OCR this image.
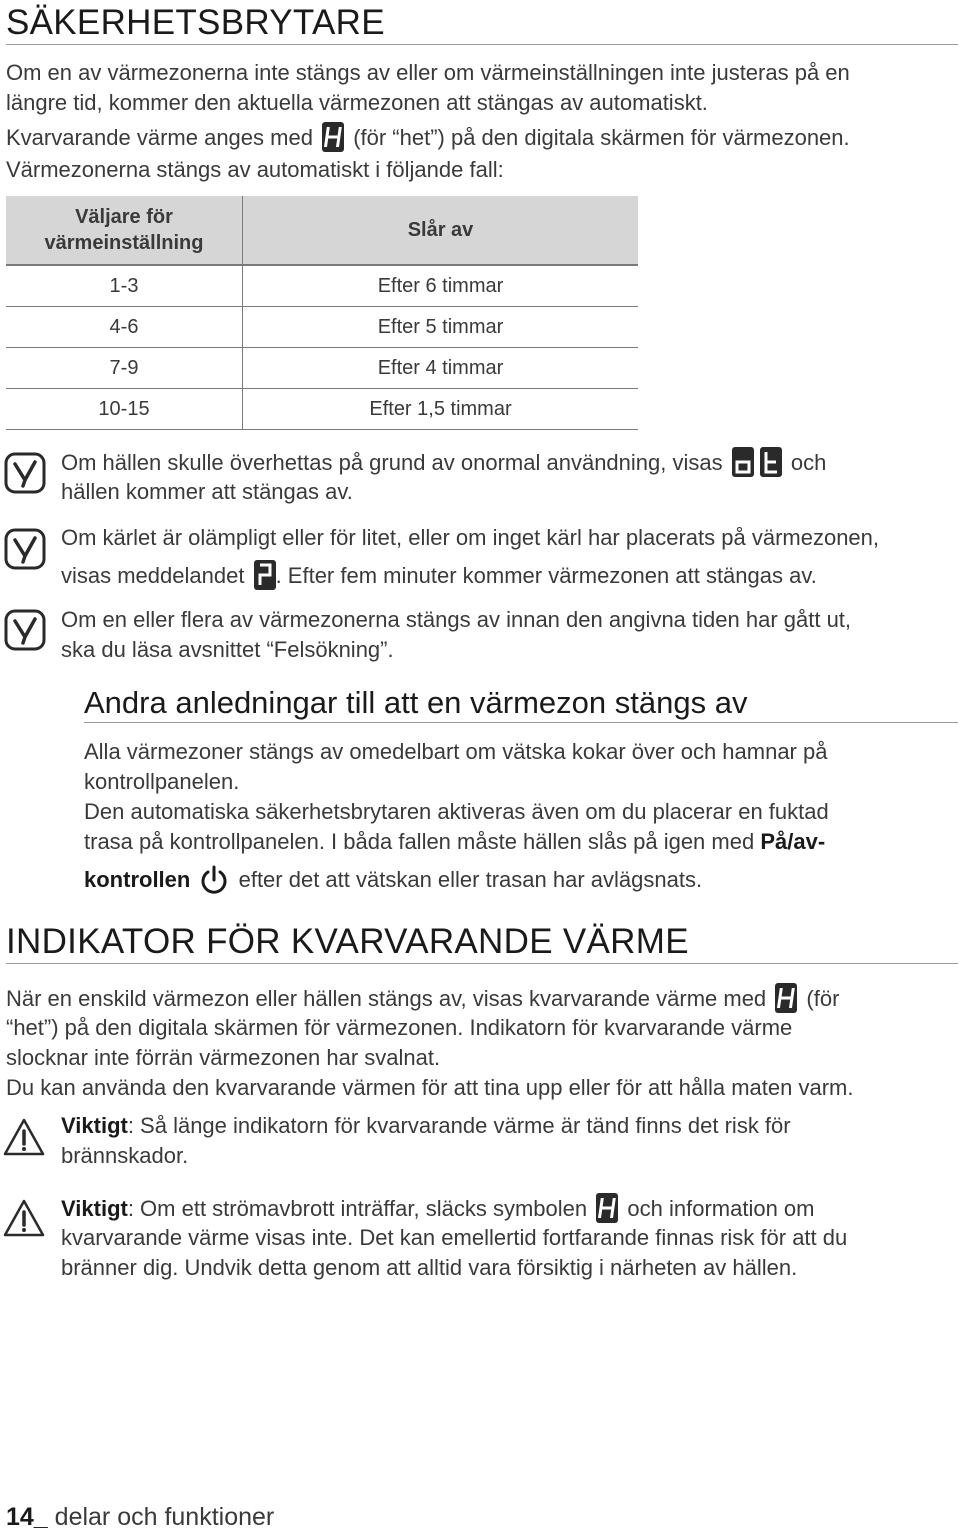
SÄKERHETSBRYTARE
Om en av värmezonerna inte stängs av eller om värmeinställningen inte justeras på en
längre tid, kommer den aktuella värmezonen att stängas av automatiskt.
Kvarvarande värme anges med (för “het”) på den digitala skärmen för värmezonen.
Värmezonerna stängs av automatiskt i följande fall:
Väljare för
värmeinställning	Slår av
1-3	Efter 6 timmar
4-6	Efter 5 timmar
7-9	Efter 4 timmar
10-15	Efter 1,5 timmar
Om hällen skulle överhettas på grund av onormal användning, visas	och
hällen kommer att stängas av.
Om kärlet är olämpligt eller för litet, eller om inget kärl har placerats på värmezonen,
visas meddelandet . Efter fem minuter kommer värmezonen att stängas av.
Om en eller flera av värmezonerna stängs av innan den angivna tiden har gått ut,
ska du läsa avsnittet “Felsökning”.
Andra anledningar till att en värmezon stängs av
Alla värmezoner stängs av omedelbart om vätska kokar över och hamnar på
kontrollpanelen.
Den automatiska säkerhetsbrytaren aktiveras även om du placerar en fuktad
trasa på kontrollpanelen. I båda fallen måste hällen slås på igen med På/av-
kontrollen efter det att vätskan eller trasan har avlägsnats.
INDIKATOR FÖR KVARVARANDE VÄRME
När en enskild värmezon eller hällen stängs av, visas kvarvarande värme med (för
“het”) på den digitala skärmen för värmezonen. Indikatorn för kvarvarande värme
slocknar inte förrän värmezonen har svalnat.
Du kan använda den kvarvarande värmen för att tina upp eller för att hålla maten varm.
Viktigt: Så länge indikatorn för kvarvarande värme är tänd finns det risk för
brännskador.
Viktigt: Om ett strömavbrott inträffar, släcks symbolen och information om
kvarvarande värme visas inte. Det kan emellertid fortfarande finnas risk för att du
bränner dig. Undvik detta genom att alltid vara försiktig i närheten av hällen.
14_ delar och funktioner
